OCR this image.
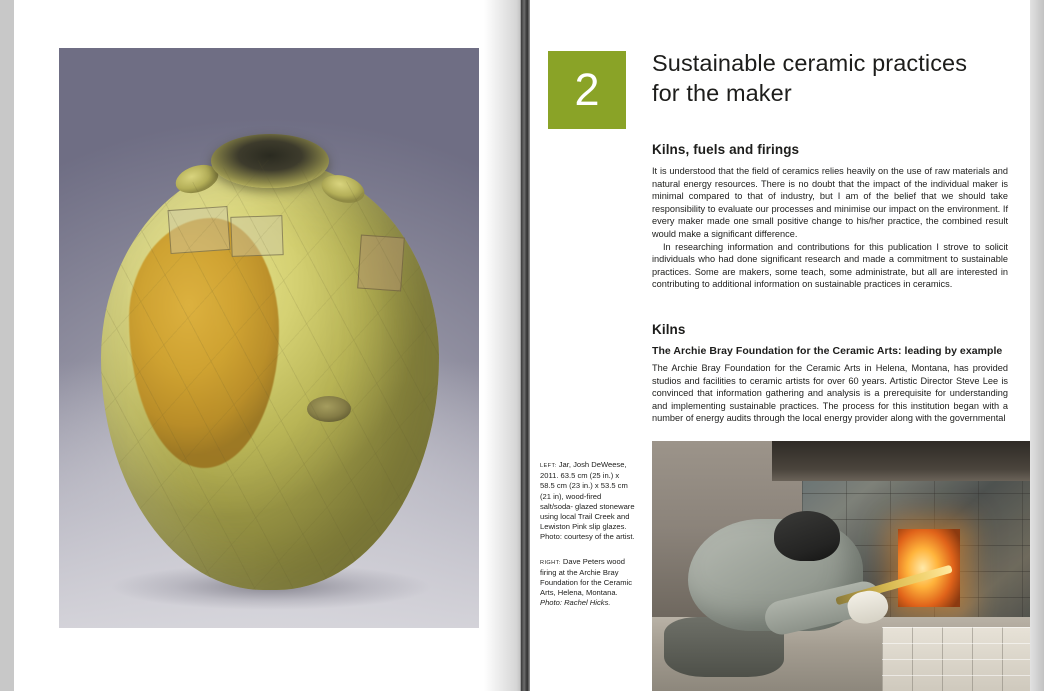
2
Sustainable ceramic practices
for the maker
Kilns, fuels and firings

It is understood that the field of ceramics relies heavily on the use of raw materials and natural energy resources. There is no doubt that the impact of the individual maker is minimal compared to that of industry, but I am of the belief that we should take responsibility to evaluate our processes and minimise our impact on the environment. If every maker made one small positive change to his/her practice, the combined result would make a significant difference.

In researching information and contributions for this publication I strove to solicit individuals who had done significant research and made a commitment to sustainable practices. Some are makers, some teach, some administrate, but all are interested in contributing to additional information on sustainable practices in ceramics.

Kilns
The Archie Bray Foundation for the Ceramic Arts: leading by example

The Archie Bray Foundation for the Ceramic Arts in Helena, Montana, has provided studios and facilities to ceramic artists for over 60 years. Artistic Director Steve Lee is convinced that information gathering and analysis is a prerequisite for understanding and implementing sustainable practices. The process for this institution began with a number of energy audits through the local energy provider along with the governmental

LEFT: Jar, Josh DeWeese, 2011. 63.5 cm (25 in.) x 58.5 cm (23 in.) x 53.5 cm (21 in), wood-fired salt/soda- glazed stoneware using local Trail Creek and Lewiston Pink slip glazes. Photo: courtesy of the artist.
RIGHT: Dave Peters wood firing at the Archie Bray Foundation for the Ceramic Arts, Helena, Montana. Photo: Rachel Hicks.
